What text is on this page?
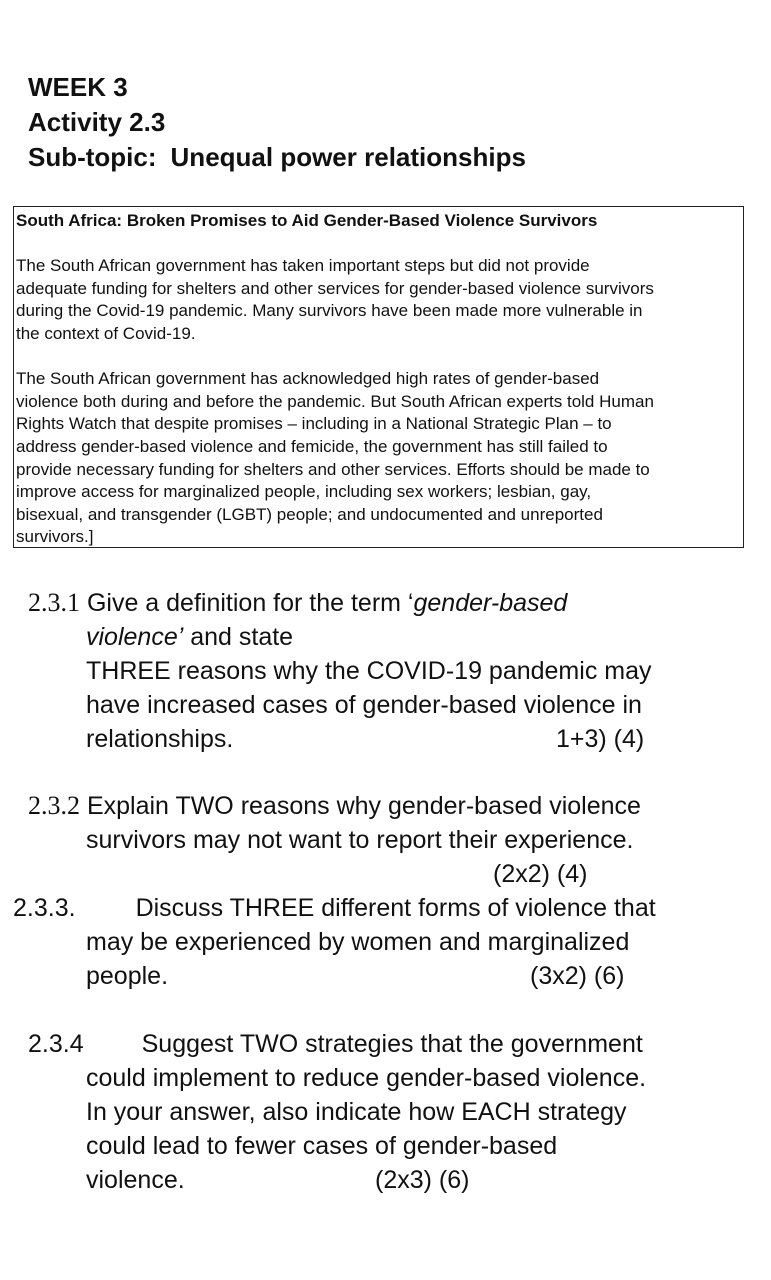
WEEK 3
Activity 2.3
Sub-topic: Unequal power relationships
South Africa: Broken Promises to Aid Gender-Based Violence Survivors
The South African government has taken important steps but did not provide
adequate funding for shelters and other services for gender-based violence survivors
during the Covid-19 pandemic. Many survivors have been made more vulnerable in
the context of Covid-19.
The South African government has acknowledged high rates of gender-based
violence both during and before the pandemic. But South African experts told Human
Rights Watch that despite promises – including in a National Strategic Plan – to
address gender-based violence and femicide, the government has still failed to
provide necessary funding for shelters and other services. Efforts should be made to
improve access for marginalized people, including sex workers; lesbian, gay,
bisexual, and transgender (LGBT) people; and undocumented and unreported
survivors.]
2.3.1 Give a definition for the term ‘gender-based
violence’ and state
THREE reasons why the COVID-19 pandemic may
have increased cases of gender-based violence in
relationships.	1+3) (4)
2.3.2 Explain TWO reasons why gender-based violence
survivors may not want to report their experience.
(2x2) (4)
2.3.3. Discuss THREE different forms of violence that
may be experienced by women and marginalized
people.	(3x2) (6)
2.3.4 Suggest TWO strategies that the government
could implement to reduce gender-based violence.
In your answer, also indicate how EACH strategy
could lead to fewer cases of gender-based
violence.	(2x3) (6)
